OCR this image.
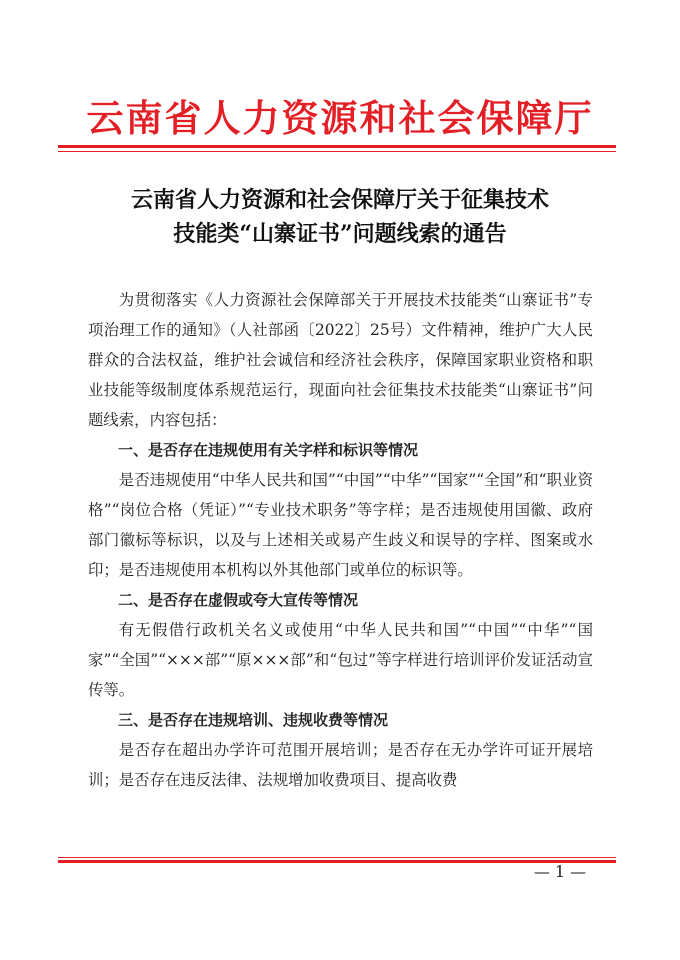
云南省人力资源和社会保障厅
云南省人力资源和社会保障厅关于征集技术
技能类“山寨证书”问题线索的通告

为贯彻落实《人力资源社会保障部关于开展技术技能类“山寨证书”专项治理工作的通知》（人社部函〔2022〕25号）文件精神，维护广大人民群众的合法权益，维护社会诚信和经济社会秩序，保障国家职业资格和职业技能等级制度体系规范运行，现面向社会征集技术技能类“山寨证书”问题线索，内容包括：

一、是否存在违规使用有关字样和标识等情况

是否违规使用“中华人民共和国”“中国”“中华”“国家”“全国”和“职业资格”“岗位合格（凭证）”“专业技术职务”等字样；是否违规使用国徽、政府部门徽标等标识，以及与上述相关或易产生歧义和误导的字样、图案或水印；是否违规使用本机构以外其他部门或单位的标识等。

二、是否存在虚假或夸大宣传等情况

有无假借行政机关名义或使用“中华人民共和国”“中国”“中华”“国家”“全国”“×××部”“原×××部”和“包过”等字样进行培训评价发证活动宣传等。

三、是否存在违规培训、违规收费等情况

是否存在超出办学许可范围开展培训；是否存在无办学许可证开展培训；是否存在违反法律、法规增加收费项目、提高收费

— 1 —
